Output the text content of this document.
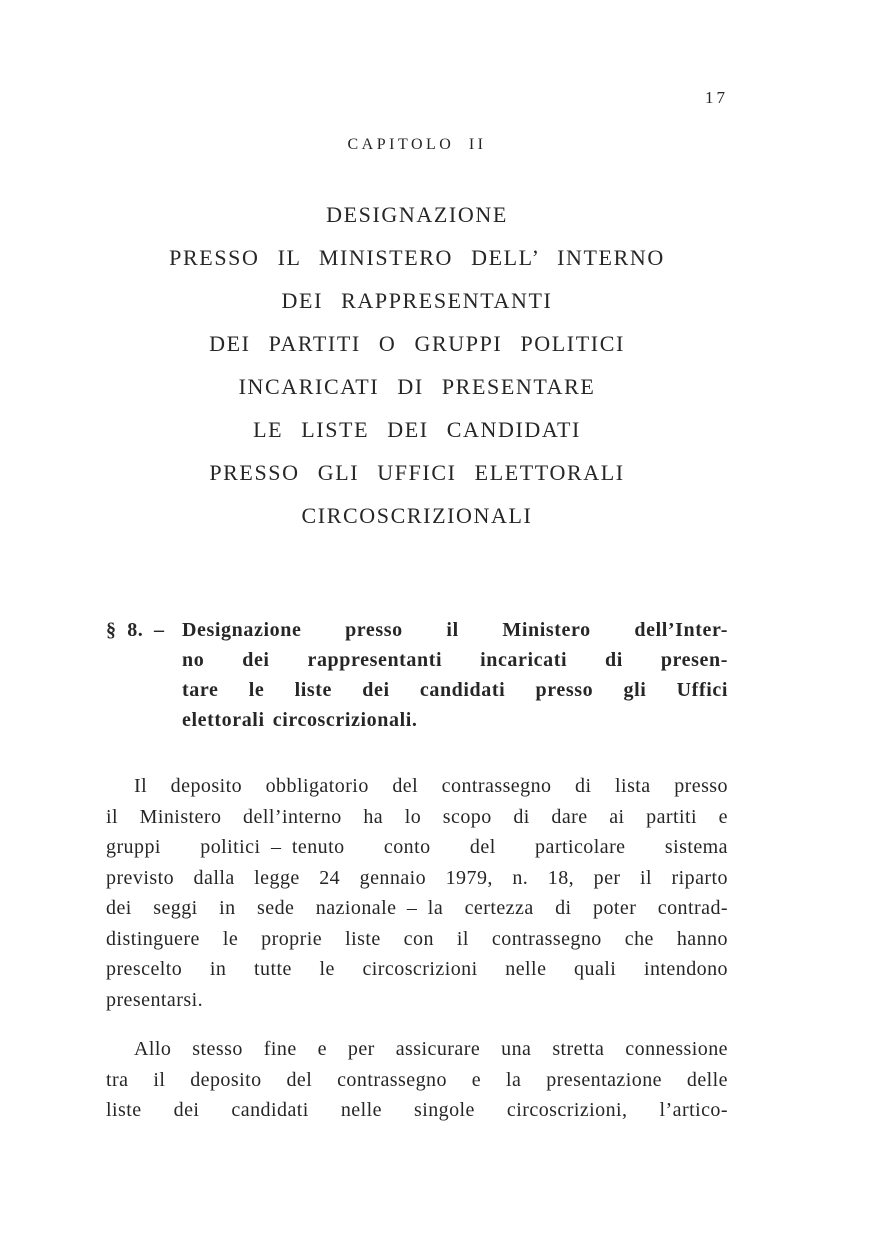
17
CAPITOLO II
DESIGNAZIONE
PRESSO IL MINISTERO DELL’ INTERNO
DEI RAPPRESENTANTI
DEI PARTITI O GRUPPI POLITICI
INCARICATI DI PRESENTARE
LE LISTE DEI CANDIDATI
PRESSO GLI UFFICI ELETTORALI
CIRCOSCRIZIONALI
§ 8. – Designazione presso il Ministero dell’Inter-
no dei rappresentanti incaricati di presen-
tare le liste dei candidati presso gli Uffici
elettorali circoscrizionali.
Il deposito obbligatorio del contrassegno di lista presso
il Ministero dell’interno ha lo scopo di dare ai partiti e
gruppi politici – tenuto conto del particolare sistema
previsto dalla legge 24 gennaio 1979, n. 18, per il riparto
dei seggi in sede nazionale – la certezza di poter contrad-
distinguere le proprie liste con il contrassegno che hanno
prescelto in tutte le circoscrizioni nelle quali intendono
presentarsi.
Allo stesso fine e per assicurare una stretta connessione
tra il deposito del contrassegno e la presentazione delle
liste dei candidati nelle singole circoscrizioni, l’artico-
